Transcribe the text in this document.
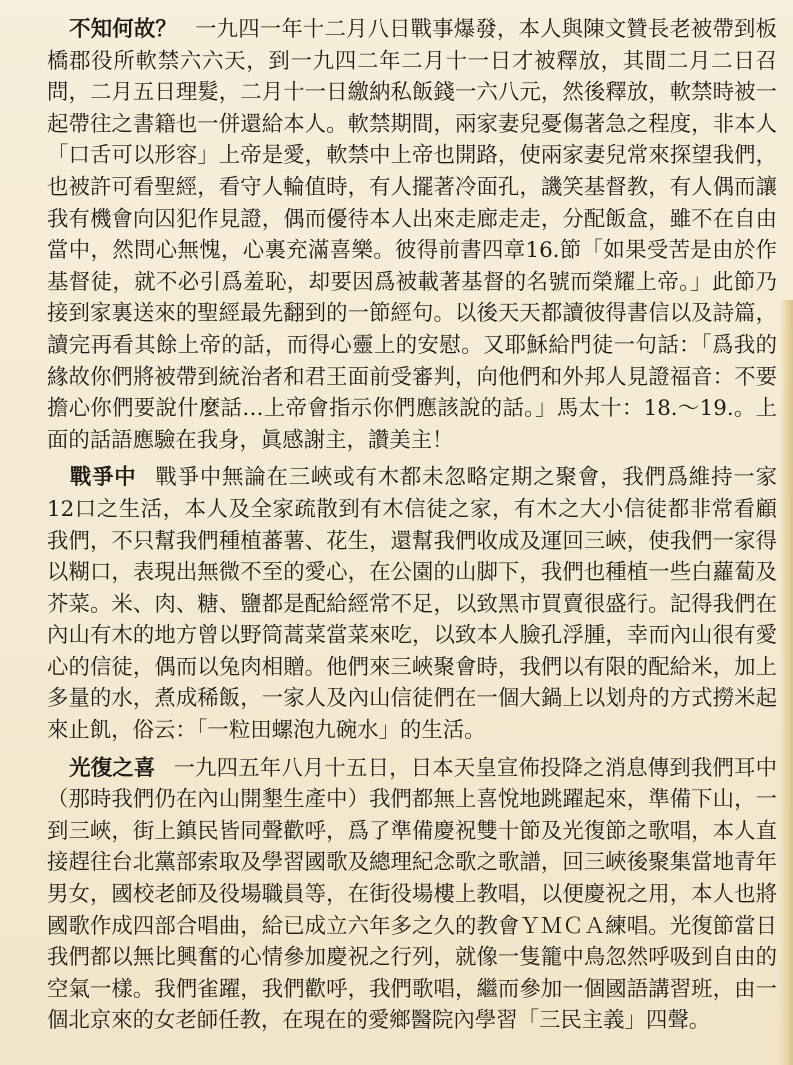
不知何故？ 一九四一年十二月八日戰事爆發，本人與陳文贊長老被帶到板橋郡役所軟禁六六天，到一九四二年二月十一日才被釋放，其間二月二日召問，二月五日理髮，二月十一日繳納私飯錢一六八元，然後釋放，軟禁時被一起帶往之書籍也一併還給本人。軟禁期間，兩家妻兒憂傷著急之程度，非本人「口舌可以形容」上帝是愛，軟禁中上帝也開路，使兩家妻兒常來探望我們，也被許可看聖經，看守人輪值時，有人擺著冷面孔，譏笑基督教，有人偶而讓我有機會向囚犯作見證，偶而優待本人出來走廊走走，分配飯盒，雖不在自由當中，然問心無愧，心裏充滿喜樂。彼得前書四章16.節「如果受苦是由於作基督徒，就不必引爲羞恥，却要因爲被載著基督的名號而榮耀上帝。」此節乃接到家裏送來的聖經最先翻到的一節經句。以後天天都讀彼得書信以及詩篇，讀完再看其餘上帝的話，而得心靈上的安慰。又耶穌給門徒一句話：「爲我的緣故你們將被帶到統治者和君王面前受審判，向他們和外邦人見證福音：不要擔心你們要說什麼話…上帝會指示你們應該說的話。」馬太十：18.～19.。上面的話語應驗在我身，眞感謝主，讚美主！

戰爭中 戰爭中無論在三峽或有木都未忽略定期之聚會，我們爲維持一家12口之生活，本人及全家疏散到有木信徒之家，有木之大小信徒都非常看顧我們，不只幫我們種植蕃薯、花生，還幫我們收成及運回三峽，使我們一家得以糊口，表現出無微不至的愛心，在公園的山脚下，我們也種植一些白蘿蔔及芥菜。米、肉、糖、鹽都是配給經常不足，以致黑市買賣很盛行。記得我們在內山有木的地方曾以野筒蒿菜當菜來吃，以致本人臉孔浮腫，幸而內山很有愛心的信徒，偶而以兔肉相贈。他們來三峽聚會時，我們以有限的配給米，加上多量的水，煮成稀飯，一家人及內山信徒們在一個大鍋上以划舟的方式撈米起來止飢，俗云：「一粒田螺泡九碗水」的生活。

光復之喜 一九四五年八月十五日，日本天皇宣佈投降之消息傳到我們耳中（那時我們仍在內山開墾生產中）我們都無上喜悅地跳躍起來，準備下山，一到三峽，街上鎮民皆同聲歡呼，爲了準備慶祝雙十節及光復節之歌唱，本人直接趕往台北黨部索取及學習國歌及總理紀念歌之歌譜，回三峽後聚集當地青年男女，國校老師及役場職員等，在街役場樓上教唱，以便慶祝之用，本人也將國歌作成四部合唱曲，給已成立六年多之久的教會ＹＭＣＡ練唱。光復節當日我們都以無比興奮的心情參加慶祝之行列，就像一隻籠中鳥忽然呼吸到自由的空氣一樣。我們雀躍，我們歡呼，我們歌唱，繼而參加一個國語講習班，由一個北京來的女老師任教，在現在的愛鄉醫院內學習「三民主義」四聲。
